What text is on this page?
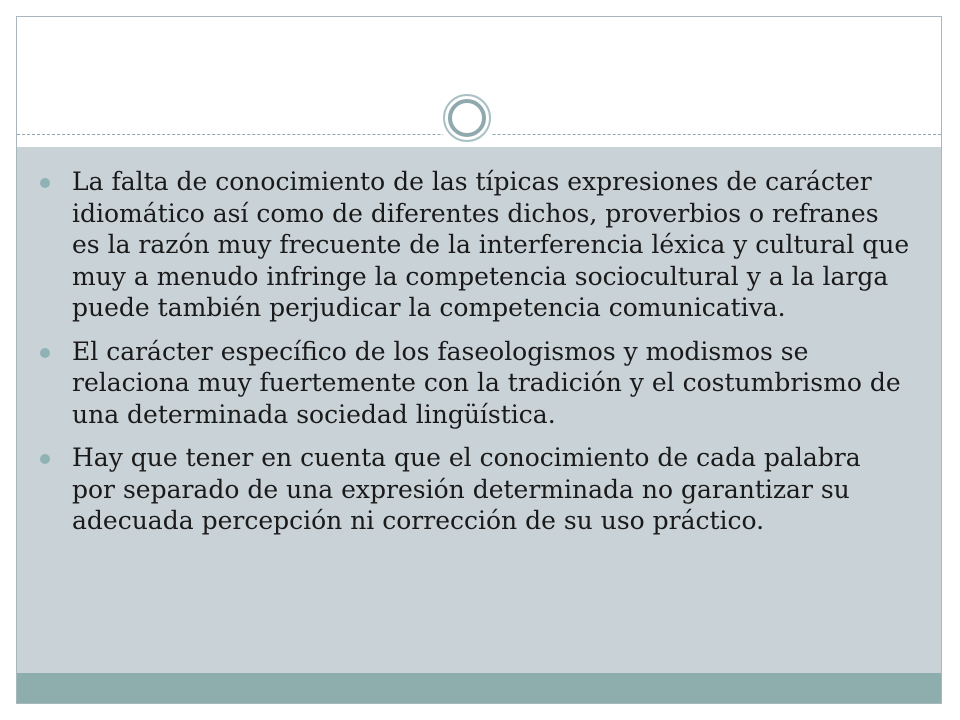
La falta de conocimiento de las típicas expresiones de carácter idiomático así como de diferentes dichos, proverbios o refranes es la razón muy frecuente de la interferencia léxica y cultural que muy a menudo infringe la competencia sociocultural y a la larga puede también perjudicar la competencia comunicativa.
El carácter específico de los faseologismos y modismos se relaciona muy fuertemente con la tradición y el costumbrismo de una determinada sociedad lingüística.
Hay que tener en cuenta que el conocimiento de cada palabra por separado de una expresión determinada no garantizar su adecuada percepción ni corrección de su uso práctico.
